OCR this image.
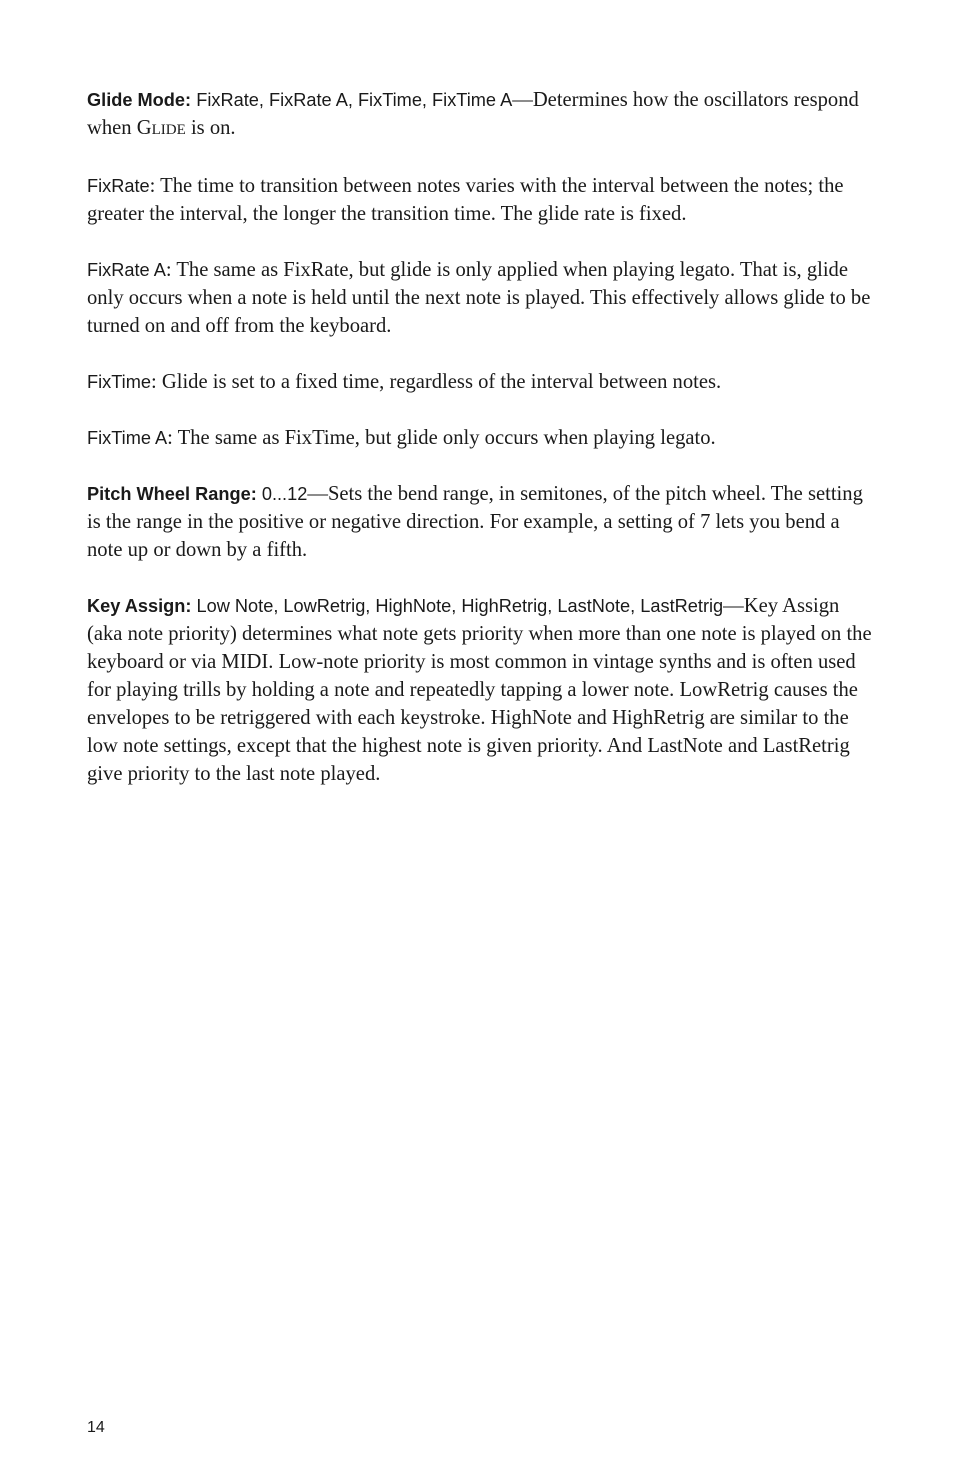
Glide Mode: FixRate, FixRate A, FixTime, FixTime A—Determines how the oscillators respond when GLIDE is on.

FixRate: The time to transition between notes varies with the interval between the notes; the greater the interval, the longer the transition time. The glide rate is fixed.

FixRate A: The same as FixRate, but glide is only applied when playing legato. That is, glide only occurs when a note is held until the next note is played. This effectively allows glide to be turned on and off from the keyboard.

FixTime: Glide is set to a fixed time, regardless of the interval between notes.

FixTime A: The same as FixTime, but glide only occurs when playing legato.

Pitch Wheel Range: 0...12—Sets the bend range, in semitones, of the pitch wheel. The setting is the range in the positive or negative direction. For example, a setting of 7 lets you bend a note up or down by a fifth.

Key Assign: Low Note, LowRetrig, HighNote, HighRetrig, LastNote, LastRetrig—Key Assign (aka note priority) determines what note gets priority when more than one note is played on the keyboard or via MIDI. Low-note priority is most common in vintage synths and is often used for playing trills by holding a note and repeatedly tapping a lower note. LowRetrig causes the envelopes to be retriggered with each keystroke. HighNote and HighRetrig are similar to the low note settings, except that the highest note is given priority. And LastNote and LastRetrig give priority to the last note played.

14
